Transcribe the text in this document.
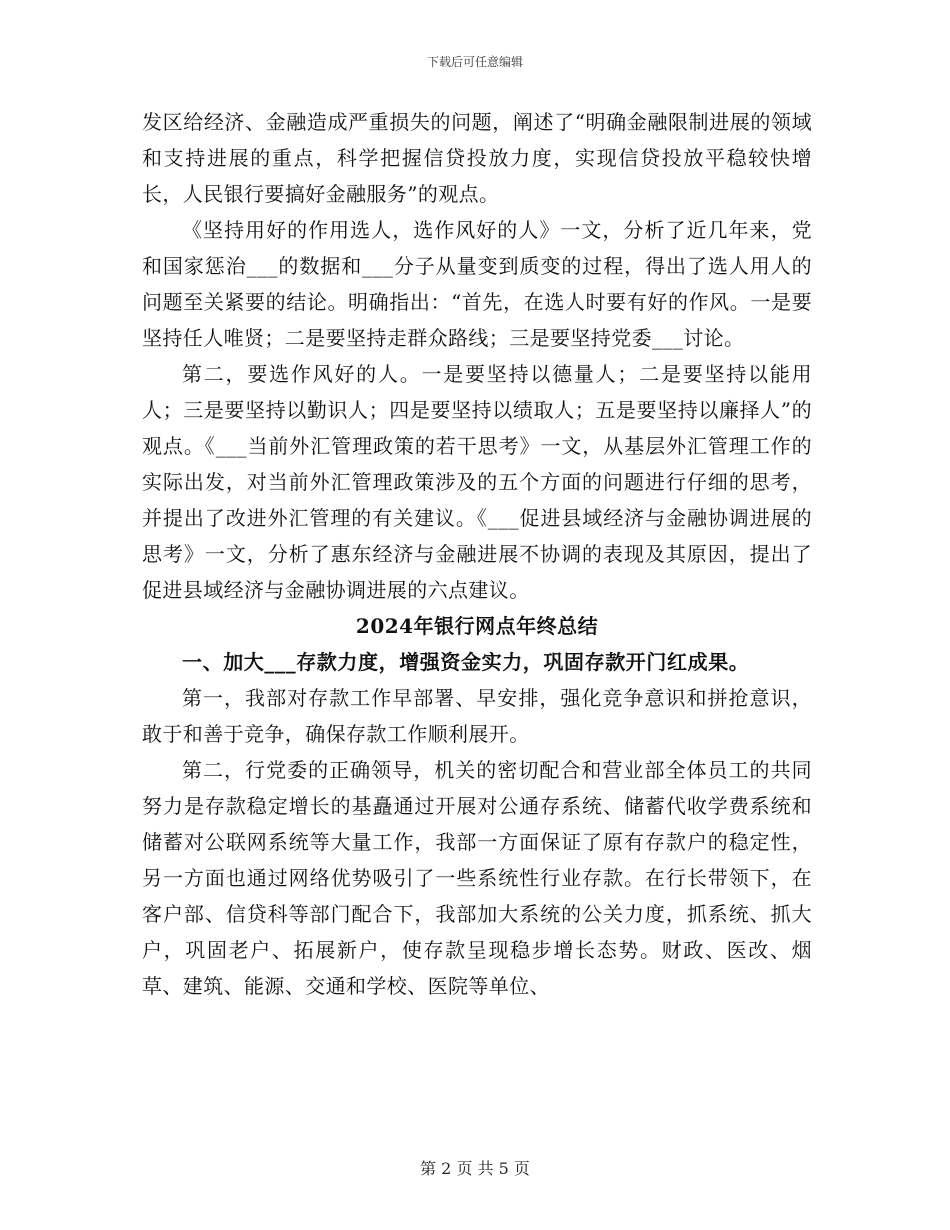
下载后可任意编辑

发区给经济、金融造成严重损失的问题，阐述了“明确金融限制进展的领域和支持进展的重点，科学把握信贷投放力度，实现信贷投放平稳较快增长，人民银行要搞好金融服务”的观点。

《坚持用好的作用选人，选作风好的人》一文，分析了近几年来，党和国家惩治___的数据和___分子从量变到质变的过程，得出了选人用人的问题至关紧要的结论。明确指出：“首先，在选人时要有好的作风。一是要坚持任人唯贤；二是要坚持走群众路线；三是要坚持党委___讨论。

第二，要选作风好的人。一是要坚持以德量人；二是要坚持以能用人；三是要坚持以勤识人；四是要坚持以绩取人；五是要坚持以廉择人”的观点。《___当前外汇管理政策的若干思考》一文，从基层外汇管理工作的实际出发，对当前外汇管理政策涉及的五个方面的问题进行仔细的思考，并提出了改进外汇管理的有关建议。《___促进县域经济与金融协调进展的思考》一文，分析了惠东经济与金融进展不协调的表现及其原因，提出了促进县域经济与金融协调进展的六点建议。

2024年银行网点年终总结

一、加大___存款力度，增强资金实力，巩固存款开门红成果。

第一，我部对存款工作早部署、早安排，强化竞争意识和拼抢意识，敢于和善于竞争，确保存款工作顺利展开。

第二，行党委的正确领导，机关的密切配合和营业部全体员工的共同努力是存款稳定增长的基矗通过开展对公通存系统、储蓄代收学费系统和储蓄对公联网系统等大量工作，我部一方面保证了原有存款户的稳定性，另一方面也通过网络优势吸引了一些系统性行业存款。在行长带领下，在客户部、信贷科等部门配合下，我部加大系统的公关力度，抓系统、抓大户，巩固老户、拓展新户，使存款呈现稳步增长态势。财政、医改、烟草、建筑、能源、交通和学校、医院等单位、

第 2 页 共 5 页
